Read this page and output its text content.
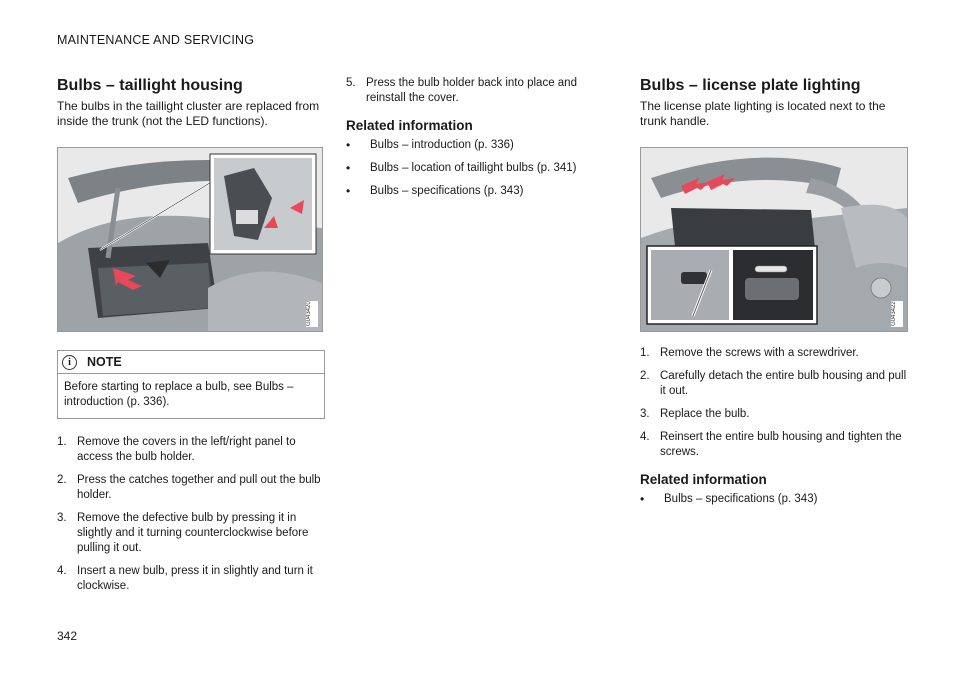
MAINTENANCE AND SERVICING
342
Bulbs – taillight housing

The bulbs in the taillight cluster are replaced from inside the trunk (not the LED functions).

G043420
i	NOTE
Before starting to replace a bulb, see Bulbs – introduction (p. 336).
1. Remove the covers in the left/right panel to access the bulb holder.
2. Press the catches together and pull out the bulb holder.
3. Remove the defective bulb by pressing it in slightly and it turning counterclockwise before pulling it out.
4. Insert a new bulb, press it in slightly and turn it clockwise.
5. Press the bulb holder back into place and reinstall the cover.
Related information
• Bulbs – introduction (p. 336)
• Bulbs – location of taillight bulbs (p. 341)
• Bulbs – specifications (p. 343)
Bulbs – license plate lighting

The license plate lighting is located next to the trunk handle.

G043422
1. Remove the screws with a screwdriver.
2. Carefully detach the entire bulb housing and pull it out.
3. Replace the bulb.
4. Reinsert the entire bulb housing and tighten the screws.
Related information
• Bulbs – specifications (p. 343)
